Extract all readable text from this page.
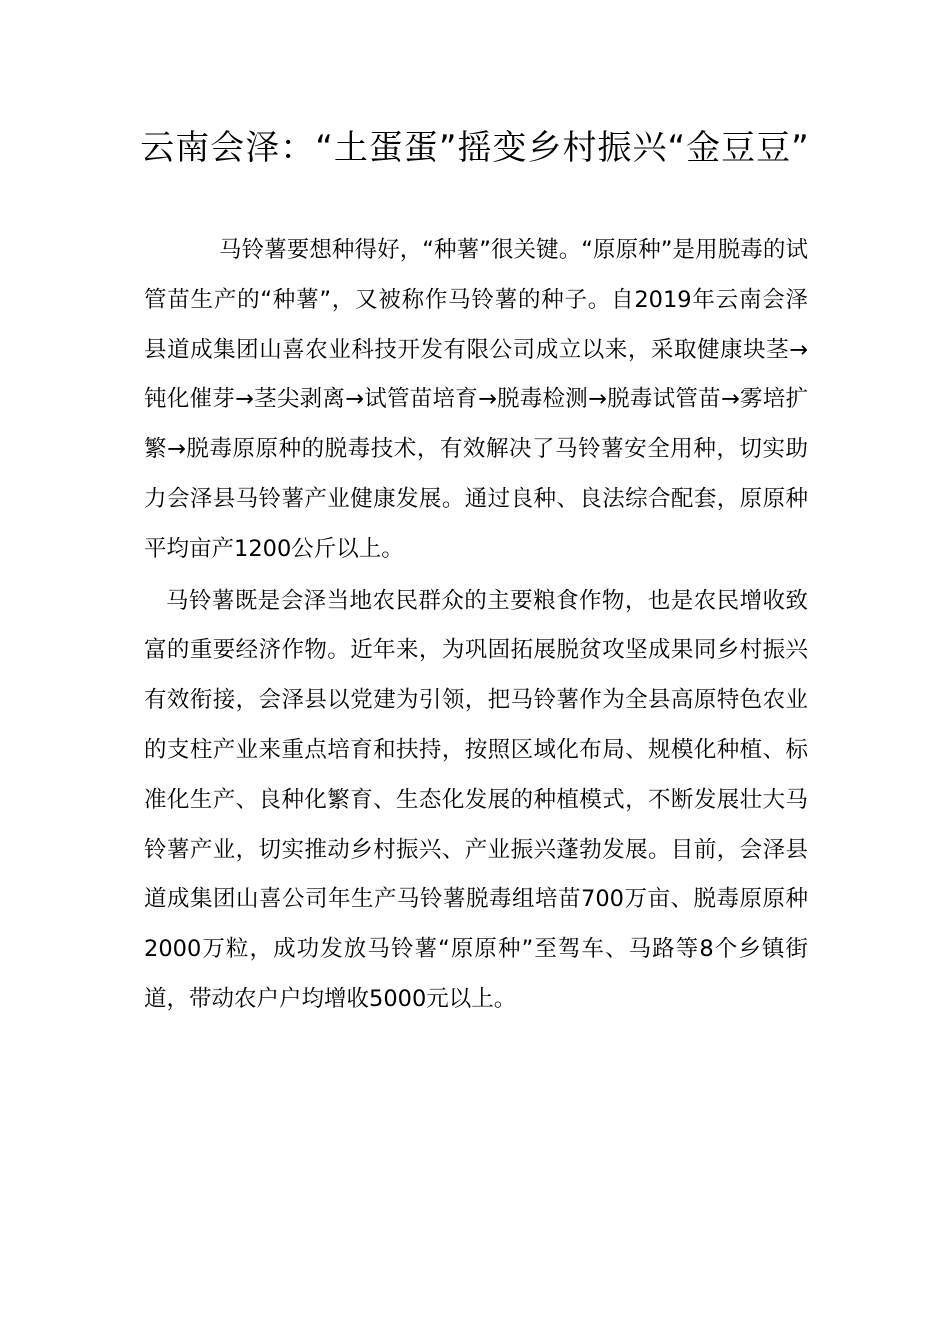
云南会泽：“土蛋蛋”摇变乡村振兴“金豆豆”

马铃薯要想种得好，“种薯”很关键。“原原种”是用脱毒的试管苗生产的“种薯”，又被称作马铃薯的种子。自2019年云南会泽县道成集团山喜农业科技开发有限公司成立以来，采取健康块茎→钝化催芽→茎尖剥离→试管苗培育→脱毒检测→脱毒试管苗→雾培扩繁→脱毒原原种的脱毒技术，有效解决了马铃薯安全用种，切实助力会泽县马铃薯产业健康发展。通过良种、良法综合配套，原原种平均亩产1200公斤以上。

马铃薯既是会泽当地农民群众的主要粮食作物，也是农民增收致富的重要经济作物。近年来，为巩固拓展脱贫攻坚成果同乡村振兴有效衔接，会泽县以党建为引领，把马铃薯作为全县高原特色农业的支柱产业来重点培育和扶持，按照区域化布局、规模化种植、标准化生产、良种化繁育、生态化发展的种植模式，不断发展壮大马铃薯产业，切实推动乡村振兴、产业振兴蓬勃发展。目前，会泽县道成集团山喜公司年生产马铃薯脱毒组培苗700万亩、脱毒原原种2000万粒，成功发放马铃薯“原原种”至驾车、马路等8个乡镇街道，带动农户户均增收5000元以上。
